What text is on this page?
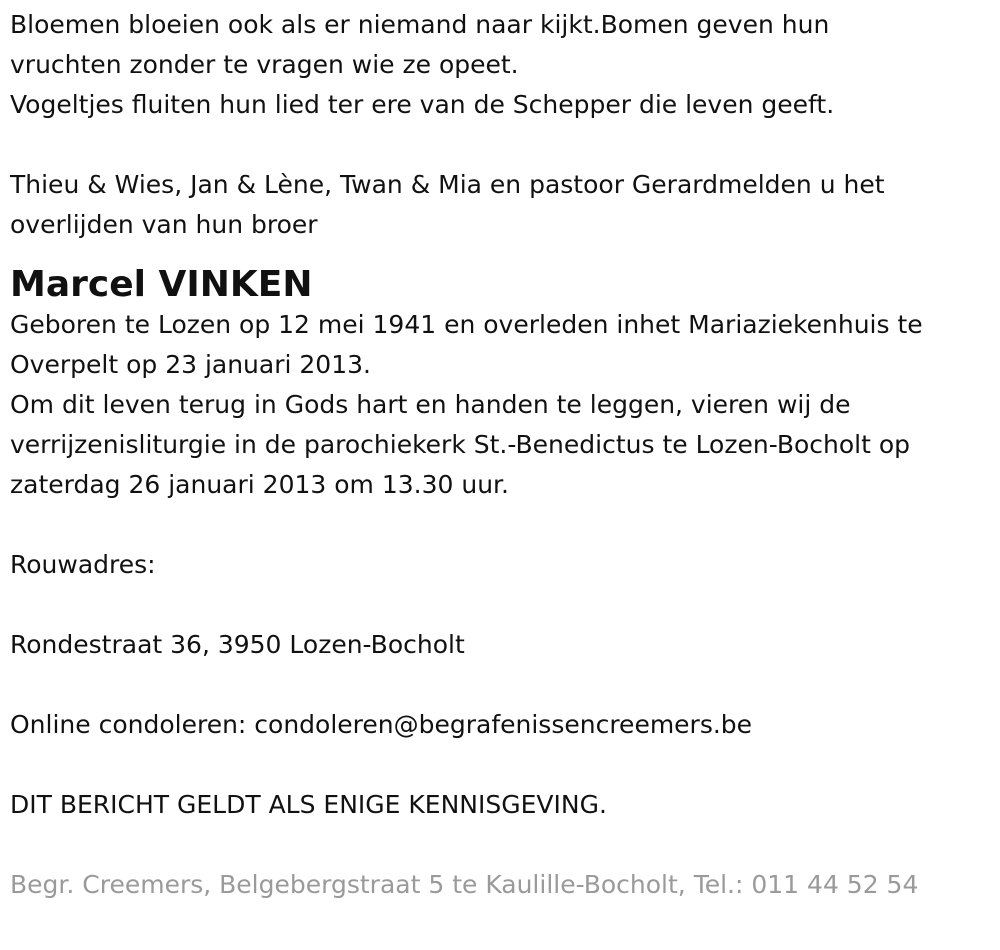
Bloemen bloeien ook als er niemand naar kijkt.Bomen geven hun

vruchten zonder te vragen wie ze opeet.

Vogeltjes fluiten hun lied ter ere van de Schepper die leven geeft.

Thieu & Wies, Jan & Lène, Twan & Mia en pastoor Gerardmelden u het

overlijden van hun broer

Marcel VINKEN

Geboren te Lozen op 12 mei 1941 en overleden inhet Mariaziekenhuis te

Overpelt op 23 januari 2013.

Om dit leven terug in Gods hart en handen te leggen, vieren wij de

verrijzenisliturgie in de parochiekerk St.-Benedictus te Lozen-Bocholt op

zaterdag 26 januari 2013 om 13.30 uur.

Rouwadres:

Rondestraat 36, 3950 Lozen-Bocholt

Online condoleren: condoleren@begrafenissencreemers.be

DIT BERICHT GELDT ALS ENIGE KENNISGEVING.

Begr. Creemers, Belgebergstraat 5 te Kaulille-Bocholt, Tel.: 011 44 52 54
